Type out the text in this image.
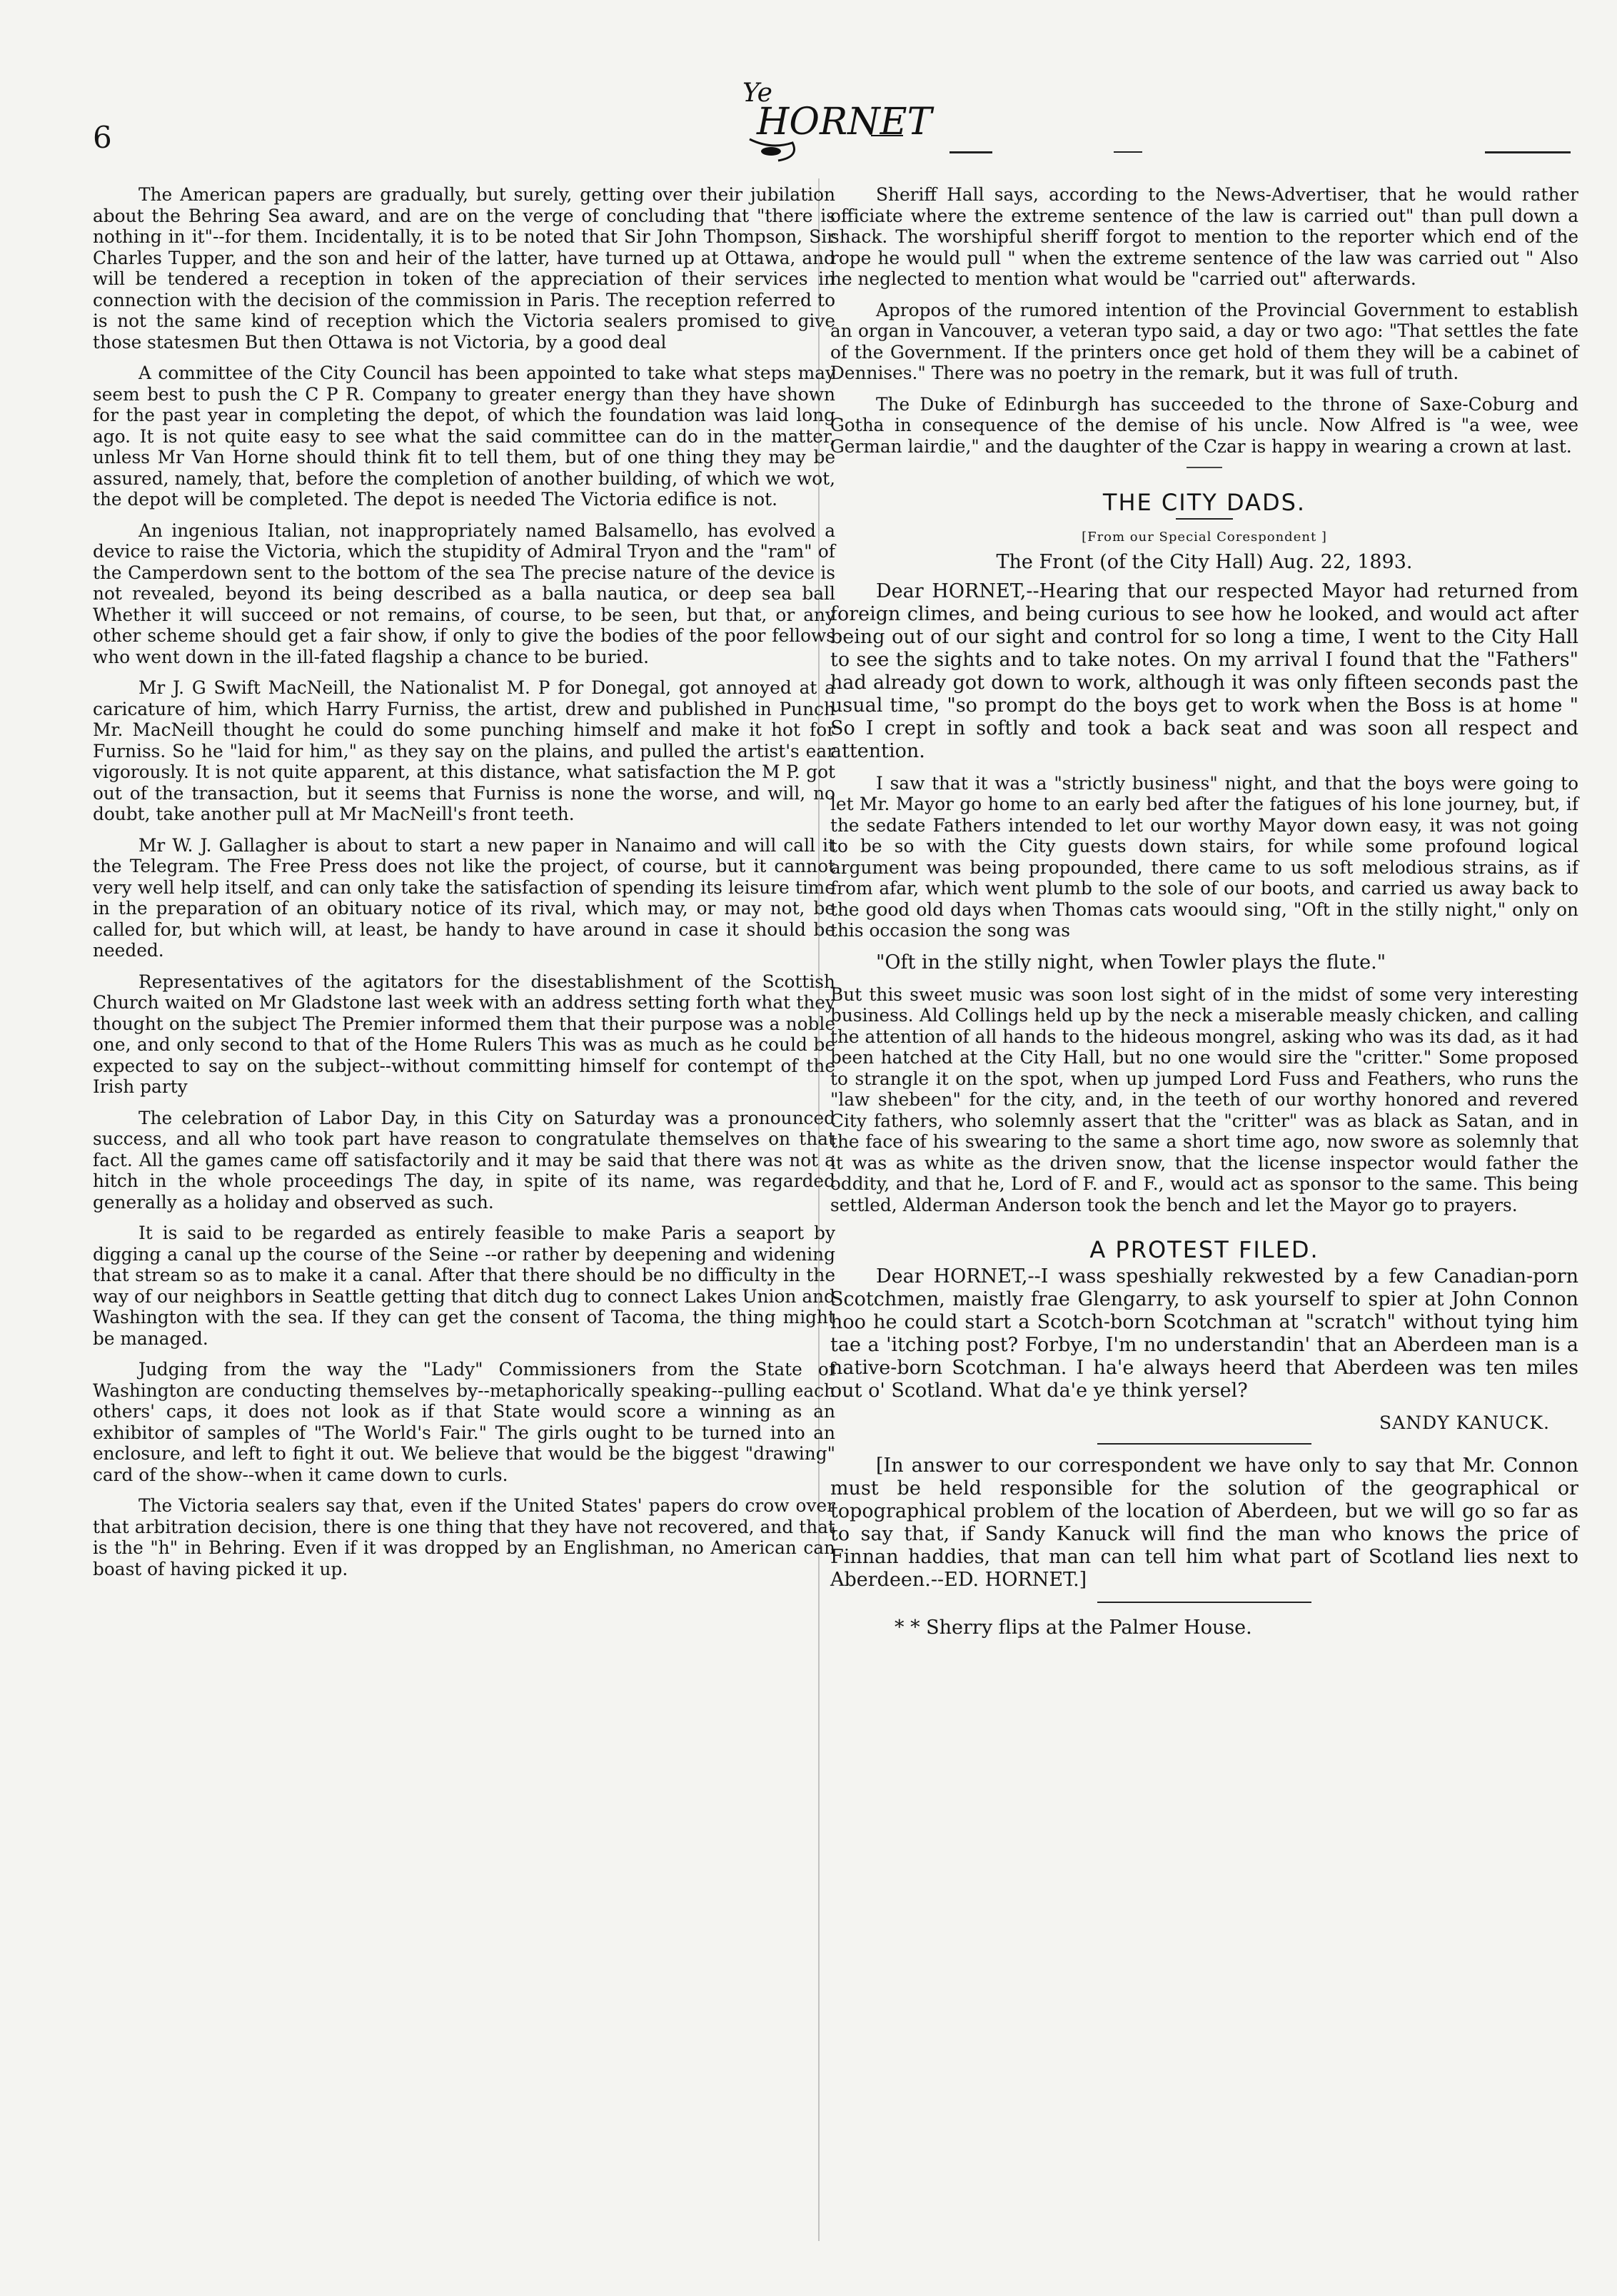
6
Ye
HORNET

The American papers are gradually, but surely, getting over their jubilation about the Behring Sea award, and are on the verge of concluding that "there is nothing in it"--for them. Incidentally, it is to be noted that Sir John Thompson, Sir Charles Tupper, and the son and heir of the latter, have turned up at Ottawa, and will be tendered a reception in token of the appreciation of their services in connection with the decision of the commission in Paris. The reception referred to is not the same kind of reception which the Victoria sealers promised to give those statesmen But then Ottawa is not Victoria, by a good deal

A committee of the City Council has been appointed to take what steps may seem best to push the C P R. Company to greater energy than they have shown for the past year in completing the depot, of which the foundation was laid long ago. It is not quite easy to see what the said committee can do in the matter, unless Mr Van Horne should think fit to tell them, but of one thing they may be assured, namely, that, before the completion of another building, of which we wot, the depot will be completed. The depot is needed The Victoria edifice is not.

An ingenious Italian, not inappropriately named Balsamello, has evolved a device to raise the Victoria, which the stupidity of Admiral Tryon and the "ram" of the Camperdown sent to the bottom of the sea The precise nature of the device is not revealed, beyond its being described as a balla nautica, or deep sea ball Whether it will succeed or not remains, of course, to be seen, but that, or any other scheme should get a fair show, if only to give the bodies of the poor fellows who went down in the ill-fated flagship a chance to be buried.

Mr J. G Swift MacNeill, the Nationalist M. P for Donegal, got annoyed at a caricature of him, which Harry Furniss, the artist, drew and published in Punch Mr. MacNeill thought he could do some punching himself and make it hot for Furniss. So he "laid for him," as they say on the plains, and pulled the artist's ear vigorously. It is not quite apparent, at this distance, what satisfaction the M P. got out of the transaction, but it seems that Furniss is none the worse, and will, no doubt, take another pull at Mr MacNeill's front teeth.

Mr W. J. Gallagher is about to start a new paper in Nanaimo and will call it the Telegram. The Free Press does not like the project, of course, but it cannot very well help itself, and can only take the satisfaction of spending its leisure time in the preparation of an obituary notice of its rival, which may, or may not, be called for, but which will, at least, be handy to have around in case it should be needed.

Representatives of the agitators for the disestablishment of the Scottish Church waited on Mr Gladstone last week with an address setting forth what they thought on the subject The Premier informed them that their purpose was a noble one, and only second to that of the Home Rulers This was as much as he could be expected to say on the subject--without committing himself for contempt of the Irish party

The celebration of Labor Day, in this City on Saturday was a pronounced success, and all who took part have reason to congratulate themselves on that fact. All the games came off satisfactorily and it may be said that there was not a hitch in the whole proceedings The day, in spite of its name, was regarded generally as a holiday and observed as such.

It is said to be regarded as entirely feasible to make Paris a seaport by digging a canal up the course of the Seine --or rather by deepening and widening that stream so as to make it a canal. After that there should be no difficulty in the way of our neighbors in Seattle getting that ditch dug to connect Lakes Union and Washington with the sea. If they can get the consent of Tacoma, the thing might be managed.

Judging from the way the "Lady" Commissioners from the State of Washington are conducting themselves by--metaphorically speaking--pulling each others' caps, it does not look as if that State would score a winning as an exhibitor of samples of "The World's Fair." The girls ought to be turned into an enclosure, and left to fight it out. We believe that would be the biggest "drawing" card of the show--when it came down to curls.

The Victoria sealers say that, even if the United States' papers do crow over that arbitration decision, there is one thing that they have not recovered, and that is the "h" in Behring. Even if it was dropped by an Englishman, no American can boast of having picked it up.

Sheriff Hall says, according to the News-Advertiser, that he would rather officiate where the extreme sentence of the law is carried out" than pull down a shack. The worshipful sheriff forgot to mention to the reporter which end of the rope he would pull " when the extreme sentence of the law was carried out " Also he neglected to mention what would be "carried out" afterwards.

Apropos of the rumored intention of the Provincial Government to establish an organ in Vancouver, a veteran typo said, a day or two ago: "That settles the fate of the Government. If the printers once get hold of them they will be a cabinet of Dennises." There was no poetry in the remark, but it was full of truth.

The Duke of Edinburgh has succeeded to the throne of Saxe-Coburg and Gotha in consequence of the demise of his uncle. Now Alfred is "a wee, wee German lairdie," and the daughter of the Czar is happy in wearing a crown at last.

THE CITY DADS.
[From our Special Corespondent ]
The Front (of the City Hall) Aug. 22, 1893.

Dear HORNET,--Hearing that our respected Mayor had returned from foreign climes, and being curious to see how he looked, and would act after being out of our sight and control for so long a time, I went to the City Hall to see the sights and to take notes. On my arrival I found that the "Fathers" had already got down to work, although it was only fifteen seconds past the usual time, "so prompt do the boys get to work when the Boss is at home " So I crept in softly and took a back seat and was soon all respect and attention.

I saw that it was a "strictly business" night, and that the boys were going to let Mr. Mayor go home to an early bed after the fatigues of his lone journey, but, if the sedate Fathers intended to let our worthy Mayor down easy, it was not going to be so with the City guests down stairs, for while some profound logical argument was being propounded, there came to us soft melodious strains, as if from afar, which went plumb to the sole of our boots, and carried us away back to the good old days when Thomas cats woould sing, "Oft in the stilly night," only on this occasion the song was

"Oft in the stilly night, when Towler plays the flute."

But this sweet music was soon lost sight of in the midst of some very interesting business. Ald Collings held up by the neck a miserable measly chicken, and calling the attention of all hands to the hideous mongrel, asking who was its dad, as it had been hatched at the City Hall, but no one would sire the "critter." Some proposed to strangle it on the spot, when up jumped Lord Fuss and Feathers, who runs the "law shebeen" for the city, and, in the teeth of our worthy honored and revered City fathers, who solemnly assert that the "critter" was as black as Satan, and in the face of his swearing to the same a short time ago, now swore as solemnly that it was as white as the driven snow, that the license inspector would father the oddity, and that he, Lord of F. and F., would act as sponsor to the same. This being settled, Alderman Anderson took the bench and let the Mayor go to prayers.

A PROTEST FILED.

Dear HORNET,--I wass speshially rekwested by a few Canadian-porn Scotchmen, maistly frae Glengarry, to ask yourself to spier at John Connon hoo he could start a Scotch-born Scotchman at "scratch" without tying him tae a 'itching post? Forbye, I'm no understandin' that an Aberdeen man is a native-born Scotchman. I ha'e always heerd that Aberdeen was ten miles out o' Scotland. What da'e ye think yersel?

SANDY KANUCK.

[In answer to our correspondent we have only to say that Mr. Connon must be held responsible for the solution of the geographical or topographical problem of the location of Aberdeen, but we will go so far as to say that, if Sandy Kanuck will find the man who knows the price of Finnan haddies, that man can tell him what part of Scotland lies next to Aberdeen.--ED. HORNET.]

* * Sherry flips at the Palmer House.
